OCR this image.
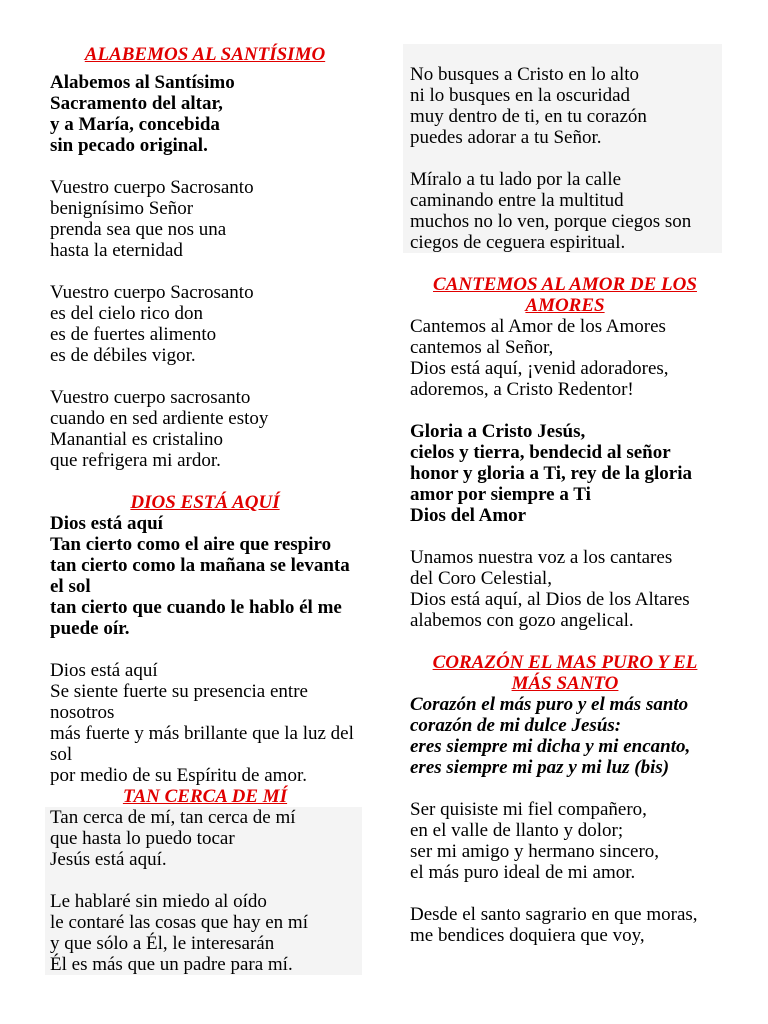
ALABEMOS AL SANTÍSIMO
Alabemos al Santísimo
Sacramento del altar,
y a María, concebida
sin pecado original.
Vuestro cuerpo Sacrosanto
benignísimo Señor
prenda sea que nos una
hasta la eternidad
Vuestro cuerpo Sacrosanto
es del cielo rico don
es de fuertes alimento
es de débiles vigor.
Vuestro cuerpo sacrosanto
cuando en sed ardiente estoy
Manantial es cristalino
que refrigera mi ardor.
DIOS ESTÁ AQUÍ
Dios está aquí
Tan cierto como el aire que respiro
tan cierto como la mañana se levanta
el sol
tan cierto que cuando le hablo él me
puede oír.
Dios está aquí
Se siente fuerte su presencia entre
nosotros
más fuerte y más brillante que la luz del
sol
por medio de su Espíritu de amor.
TAN CERCA DE MÍ
Tan cerca de mí, tan cerca de mí
que hasta lo puedo tocar
Jesús está aquí.
Le hablaré sin miedo al oído
le contaré las cosas que hay en mí
y que sólo a Él, le interesarán
Él es más que un padre para mí.
No busques a Cristo en lo alto
ni lo busques en la oscuridad
muy dentro de ti, en tu corazón
puedes adorar a tu Señor.
Míralo a tu lado por la calle
caminando entre la multitud
muchos no lo ven, porque ciegos son
ciegos de ceguera espiritual.
CANTEMOS AL AMOR DE LOS
AMORES
Cantemos al Amor de los Amores
cantemos al Señor,
Dios está aquí, ¡venid adoradores,
adoremos, a Cristo Redentor!
Gloria a Cristo Jesús,
cielos y tierra, bendecid al señor
honor y gloria a Ti, rey de la gloria
amor por siempre a Ti
Dios del Amor
Unamos nuestra voz a los cantares
del Coro Celestial,
Dios está aquí, al Dios de los Altares
alabemos con gozo angelical.
CORAZÓN EL MAS PURO Y EL
MÁS SANTO
Corazón el más puro y el más santo
corazón de mi dulce Jesús:
eres siempre mi dicha y mi encanto,
eres siempre mi paz y mi luz (bis)
Ser quisiste mi fiel compañero,
en el valle de llanto y dolor;
ser mi amigo y hermano sincero,
el más puro ideal de mi amor.
Desde el santo sagrario en que moras,
me bendices doquiera que voy,
